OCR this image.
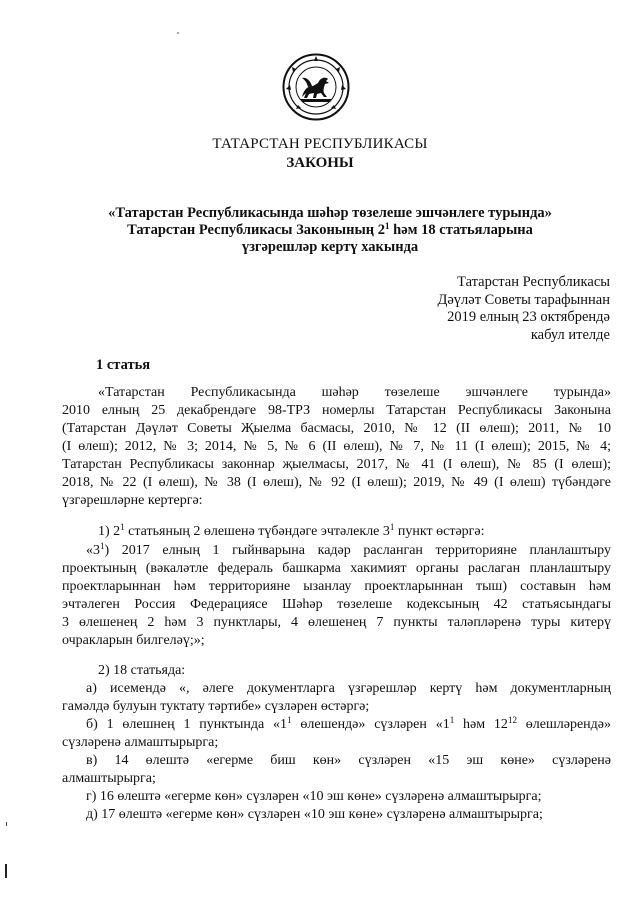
ТАТАРСТАН РЕСПУБЛИКАСЫ
ЗАКОНЫ
«Татарстан Республикасында шәһәр төзелеше эшчәнлеге турында»
Татарстан Республикасы Законының $2^1$ һәм 18 статьяларына
үзгәрешләр кертү хакында
Татарстан Республикасы
Дәүләт Советы тарафыннан
2019 елның 23 октябрендә
кабул ителде
1 статья
«Татарстан Республикасында шәһәр төзелеше эшчәнлеге турында»
2010 елның 25 декабрендәге 98-ТРЗ номерлы Татарстан Республикасы Законына
(Татарстан Дәүләт Советы Җыелма басмасы, 2010, № 12 (II өлеш); 2011, № 10
(I өлеш); 2012, № 3; 2014, № 5, № 6 (II өлеш), № 7, № 11 (I өлеш); 2015, № 4;
Татарстан Республикасы законнар җыелмасы, 2017, № 41 (I өлеш), № 85 (I өлеш);
2018, № 22 (I өлеш), № 38 (I өлеш), № 92 (I өлеш); 2019, № 49 (I өлеш) түбәндәге
үзгәрешләрне кертергә:
1) $2^1$ статьяның 2 өлешенә түбәндәге эчтәлекле $3^1$ пункт өстәргә:
«$3^1$) 2017 елның 1 гыйнварына кадәр расланган территорияне планлаштыру
проектының (вәкаләтле федераль башкарма хакимият органы раслаган планлаштыру
проектларыннан һәм территорияне ызанлау проектларыннан тыш) составын һәм
эчтәлеген Россия Федерациясе Шәһәр төзелеше кодексының 42 статьясындагы
3 өлешенең 2 һәм 3 пунктлары, 4 өлешенең 7 пункты таләпләренә туры китерү
очракларын билгеләү;»;
2) 18 статьяда:
а) исемендә «, әлеге документларга үзгәрешләр кертү һәм документларның
гамәлдә булуын туктату тәртибе» сүзләрен өстәргә;
б) 1 өлешнең 1 пунктында «$1^1$ өлешендә» сүзләрен «$1^1$ һәм $12^{12}$ өлешләрендә»
сүзләренә алмаштырырга;
в) 14 өлештә «егерме биш көн» сүзләрен «15 эш көне» сүзләренә
алмаштырырга;
г) 16 өлештә «егерме көн» сүзләрен «10 эш көне» сүзләренә алмаштырырга;
д) 17 өлештә «егерме көн» сүзләрен «10 эш көне» сүзләренә алмаштырырга;
